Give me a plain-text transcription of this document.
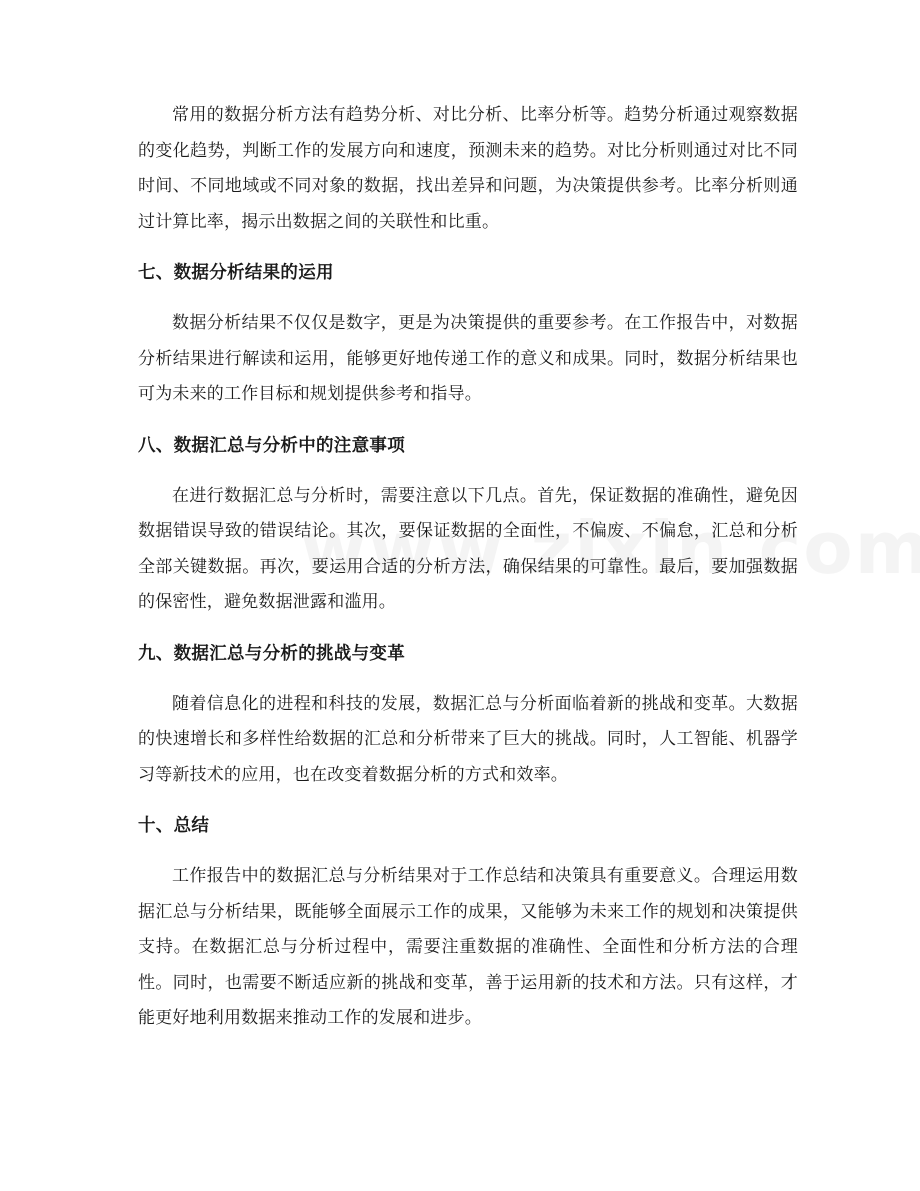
常用的数据分析方法有趋势分析、对比分析、比率分析等。趋势分析通过观察数据的变化趋势，判断工作的发展方向和速度，预测未来的趋势。对比分析则通过对比不同时间、不同地域或不同对象的数据，找出差异和问题，为决策提供参考。比率分析则通过计算比率，揭示出数据之间的关联性和比重。

七、数据分析结果的运用

数据分析结果不仅仅是数字，更是为决策提供的重要参考。在工作报告中，对数据分析结果进行解读和运用，能够更好地传递工作的意义和成果。同时，数据分析结果也可为未来的工作目标和规划提供参考和指导。

八、数据汇总与分析中的注意事项

在进行数据汇总与分析时，需要注意以下几点。首先，保证数据的准确性，避免因数据错误导致的错误结论。其次，要保证数据的全面性，不偏废、不偏怠，汇总和分析全部关键数据。再次，要运用合适的分析方法，确保结果的可靠性。最后，要加强数据的保密性，避免数据泄露和滥用。

九、数据汇总与分析的挑战与变革

随着信息化的进程和科技的发展，数据汇总与分析面临着新的挑战和变革。大数据的快速增长和多样性给数据的汇总和分析带来了巨大的挑战。同时，人工智能、机器学习等新技术的应用，也在改变着数据分析的方式和效率。

十、总结

工作报告中的数据汇总与分析结果对于工作总结和决策具有重要意义。合理运用数据汇总与分析结果，既能够全面展示工作的成果，又能够为未来工作的规划和决策提供支持。在数据汇总与分析过程中，需要注重数据的准确性、全面性和分析方法的合理性。同时，也需要不断适应新的挑战和变革，善于运用新的技术和方法。只有这样，才能更好地利用数据来推动工作的发展和进步。
